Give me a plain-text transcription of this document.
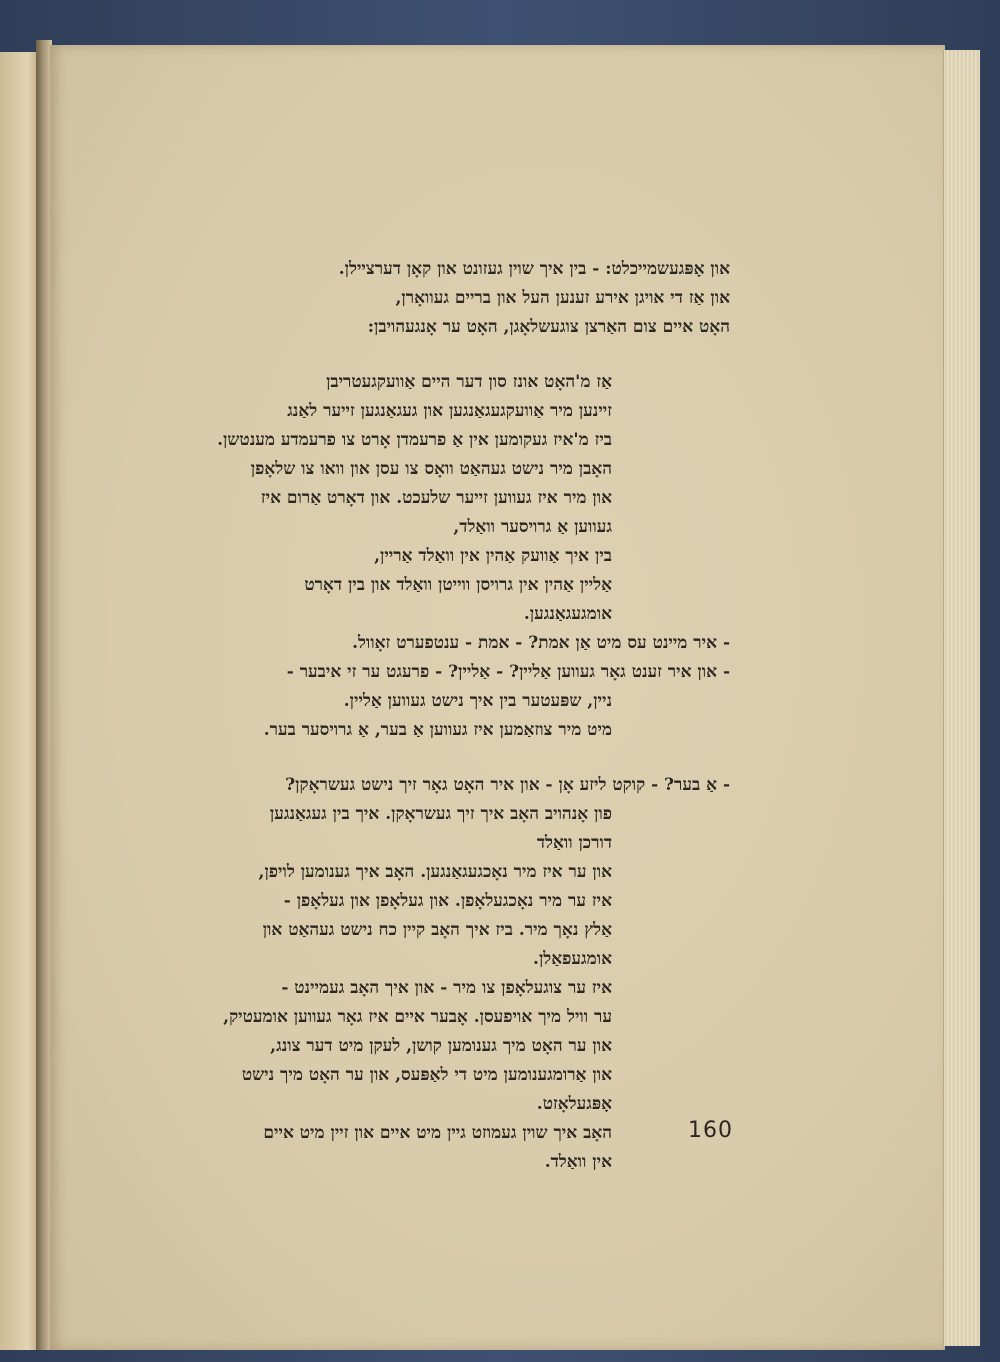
און אָפּגעשמייכלט: - בין איך שוין געזונט און קאָן דערציילן.
און אַז די אויגן אירע זענען העל און בריים געוואָרן,
האָט איים צום האַרצן צוגעשלאָגן, האָט ער אָנגעהויבן:
אַז מ'האָט אונז סון דער היים אַוועקגעטריבן
זיינען מיר אַוועקגעגאַנגען און געגאַנגען זייער לאַנג
ביז מ'איז געקומען אין אַ פרעמדן אָרט צו פרעמדע מענטשן.
האָבן מיר נישט געהאַט וואָס צו עסן און וואו צו שלאָפן
און מיר איז געווען זייער שלעכט. און דאָרט אַרום איז
געווען אַ גרויסער וואַלד,
בין איך אַוועק אַהין אין וואַלד אַריין,
אַליין אַהין אין גרויסן ווייטן וואַלד און בין דאָרט
אומגעגאַנגען.
- איר מיינט עס מיט אַן אמת? - אמת - ענטפערט זאָוול.
- און איר זענט גאָר געווען אַליין? - אַליין? - פרעגט ער זי איבער -
ניין, שפּעטער בין איך נישט געווען אַליין.
מיט מיר צוזאַמען איז געווען אַ בער, אַ גרויסער בער.
- אַ בער? - קוקט ליזע אָן - און איר האָט גאָר זיך נישט געשראָקן?
פון אָנהויב האָב איך זיך געשראָקן. איך בין געגאַנגען
דורכן וואַלד
און ער איז מיר נאָכגעגאַנגען. האָב איך גענומען לויפן,
איז ער מיר נאָכגעלאָפן. און געלאָפן און געלאָפן -
אַלץ נאָך מיר. ביז איך האָב קיין כח נישט געהאַט און
אומגעפאַלן.
איז ער צוגעלאָפן צו מיר - און איך האָב געמיינט -
ער וויל מיך אויפעסן. אָבער איים איז גאָר געווען אומעטיק,
און ער האָט מיך גענומען קושן, לעקן מיט דער צונג,
און אַרומגענומען מיט די לאַפּעס, און ער האָט מיך נישט
אָפּגעלאָזט.
האָב איך שוין געמוזט גיין מיט איים און זיין מיט איים
אין וואַלד.
160
